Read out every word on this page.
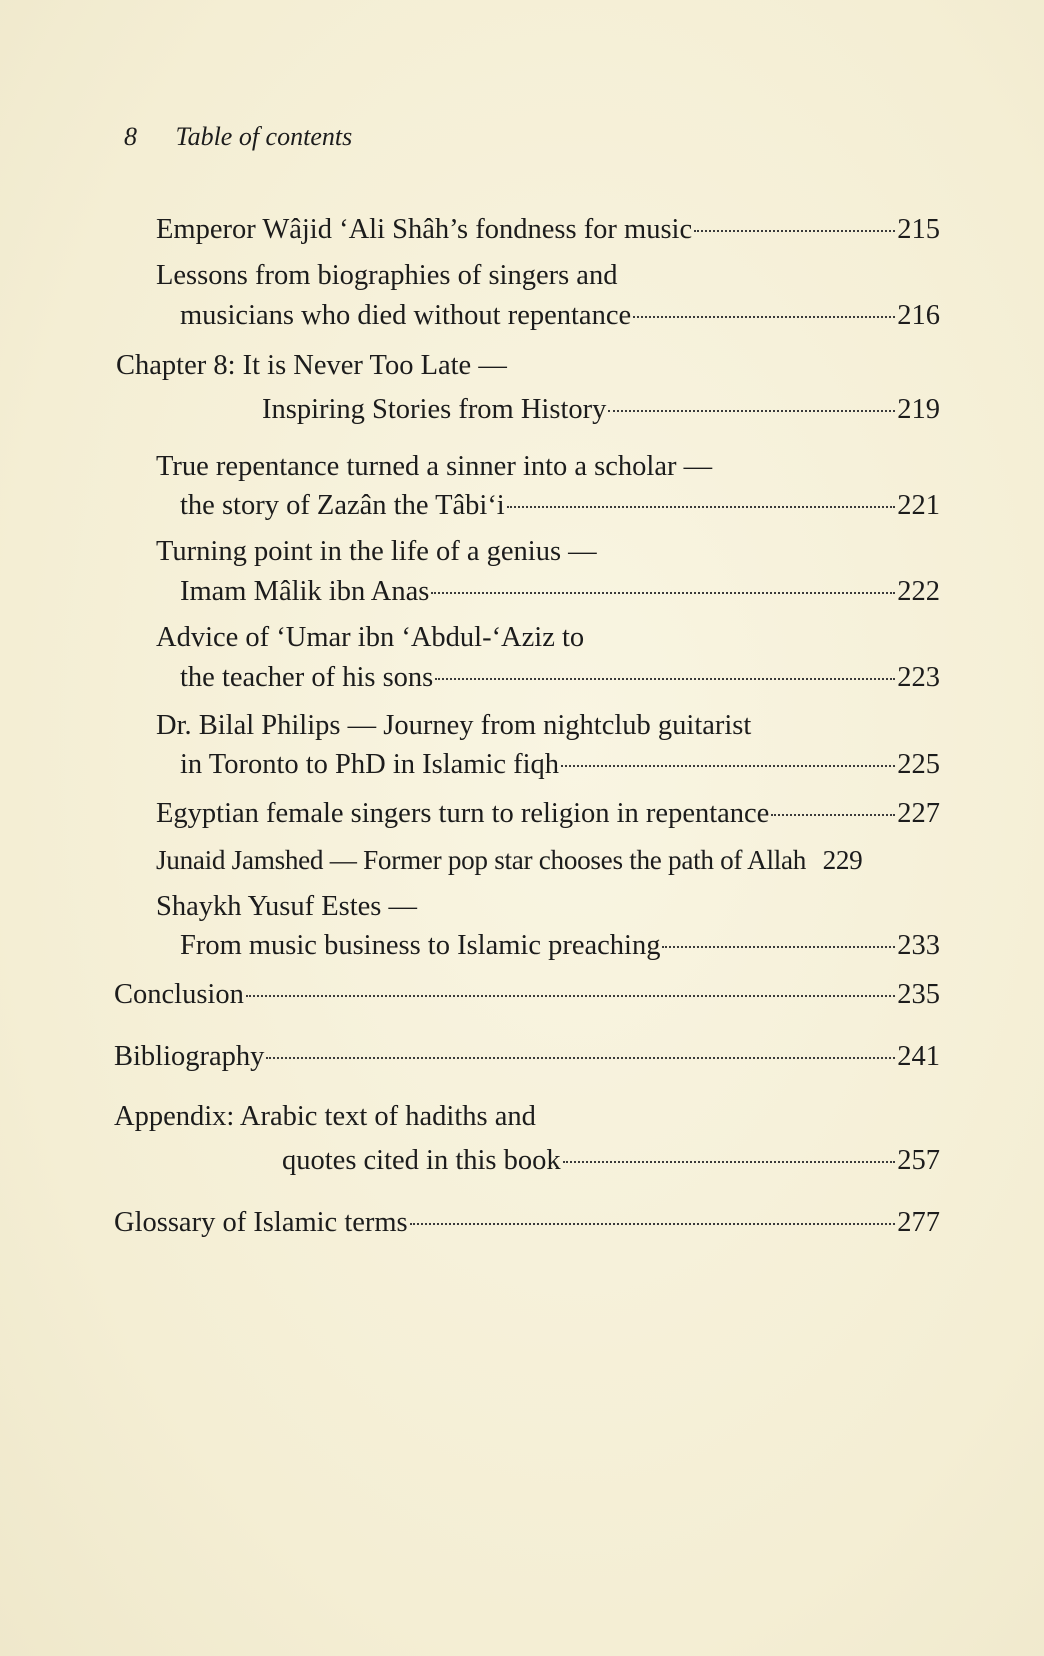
8 Table of contents
Emperor Wâjid ‘Ali Shâh’s fondness for music	215
Lessons from biographies of singers and
musicians who died without repentance	216
Chapter 8: It is Never Too Late —
Inspiring Stories from History	219
True repentance turned a sinner into a scholar —
the story of Zazân the Tâbi‘i	221
Turning point in the life of a genius —
Imam Mâlik ibn Anas	222
Advice of ‘Umar ibn ‘Abdul-‘Aziz to
the teacher of his sons	223
Dr. Bilal Philips — Journey from nightclub guitarist
in Toronto to PhD in Islamic fiqh	225
Egyptian female singers turn to religion in repentance	227
Junaid Jamshed — Former pop star chooses the path of Allah 229
Shaykh Yusuf Estes —
From music business to Islamic preaching	233
Conclusion	235
Bibliography	241
Appendix: Arabic text of hadiths and
quotes cited in this book	257
Glossary of Islamic terms	277
